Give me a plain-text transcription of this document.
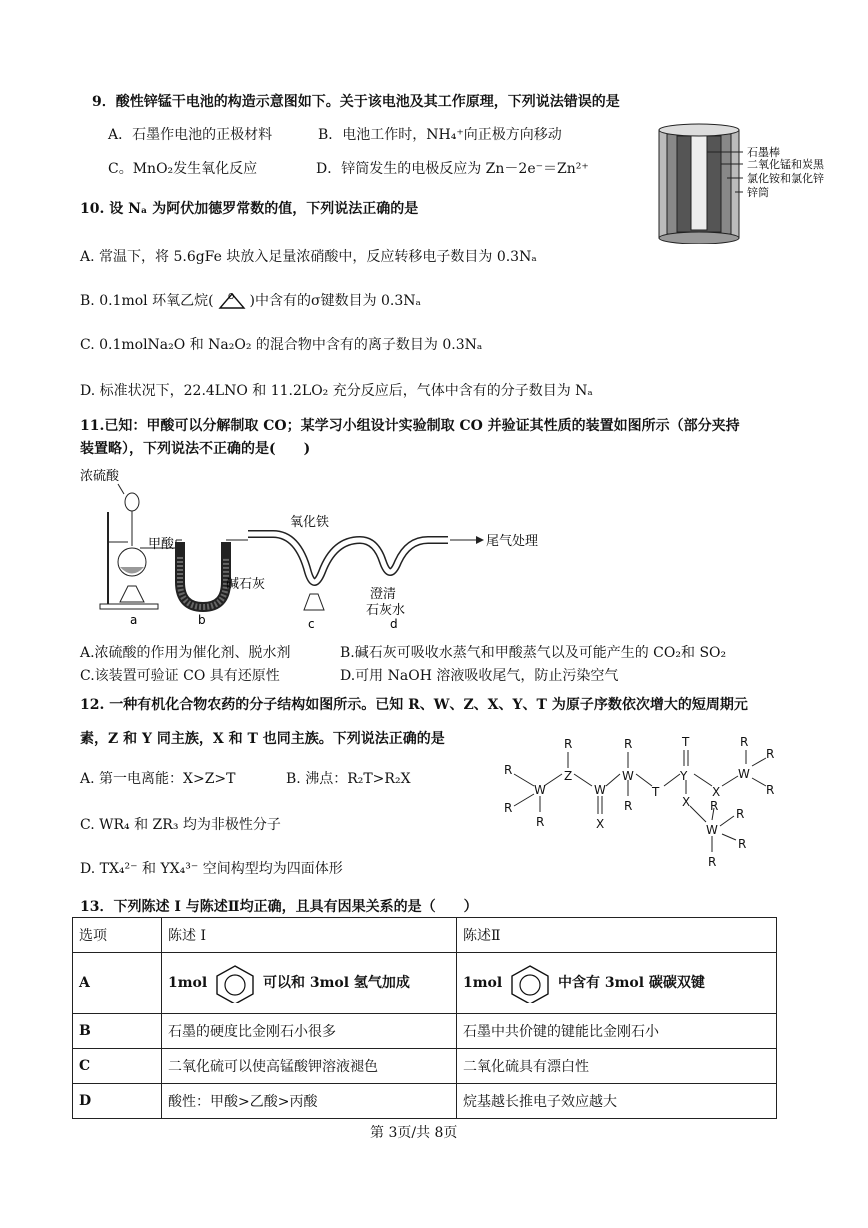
9．酸性锌锰干电池的构造示意图如下。关于该电池及其工作原理，下列说法错误的是
A．石墨作电池的正极材料	B．电池工作时，NH₄⁺向正极方向移动
C。MnO₂发生氧化反应	D．锌筒发生的电极反应为 Zn－2e⁻＝Zn²⁺
石墨棒
二氧化锰和炭黑
氯化铵和氯化锌
锌筒
10. 设 Nₐ 为阿伏加德罗常数的值，下列说法正确的是
A. 常温下，将 5.6gFe 块放入足量浓硝酸中，反应转移电子数目为 0.3Nₐ
B. 0.1mol 环氧乙烷( O )中含有的σ键数目为 0.3Nₐ
C. 0.1molNa₂O 和 Na₂O₂ 的混合物中含有的离子数目为 0.3Nₐ
D. 标准状况下，22.4LNO 和 11.2LO₂ 充分反应后，气体中含有的分子数目为 Nₐ
11.已知：甲酸可以分解制取 CO；某学习小组设计实验制取 CO 并验证其性质的装置如图所示（部分夹持
装置略），下列说法不正确的是(　　)
浓硫酸
甲酸
a
碱石灰
b
氧化铁
c
澄清
石灰水
d
尾气处理
A.浓硫酸的作用为催化剂、脱水剂	B.碱石灰可吸收水蒸气和甲酸蒸气以及可能产生的 CO₂和 SO₂
C.该装置可验证 CO 具有还原性	D.可用 NaOH 溶液吸收尾气，防止污染空气
12. 一种有机化合物农药的分子结构如图所示。已知 R、W、Z、X、Y、T 为原子序数依次增大的短周期元
素，Z 和 Y 同主族，X 和 T 也同主族。下列说法正确的是
A. 第一电离能：X>Z>T	B. 沸点：R₂T>R₂X
C. WR₄ 和 ZR₃ 均为非极性分子
D. TX₄²⁻ 和 YX₄³⁻ 空间构型均为四面体形
R
R
W
R
Z
R
W
X
W
R
R
T
Y
T
X
X
W
R
R
R
W
R
R
R
R
13．下列陈述 I 与陈述Ⅱ均正确，且具有因果关系的是（　　）
选项	陈述 I	陈述Ⅱ
A	1mol 可以和 3mol 氢气加成	1mol 中含有 3mol 碳碳双键
B	石墨的硬度比金刚石小很多	石墨中共价键的键能比金刚石小
C	二氧化硫可以使高锰酸钾溶液褪色	二氧化硫具有漂白性
D	酸性：甲酸>乙酸>丙酸	烷基越长推电子效应越大
第 3页/共 8页
